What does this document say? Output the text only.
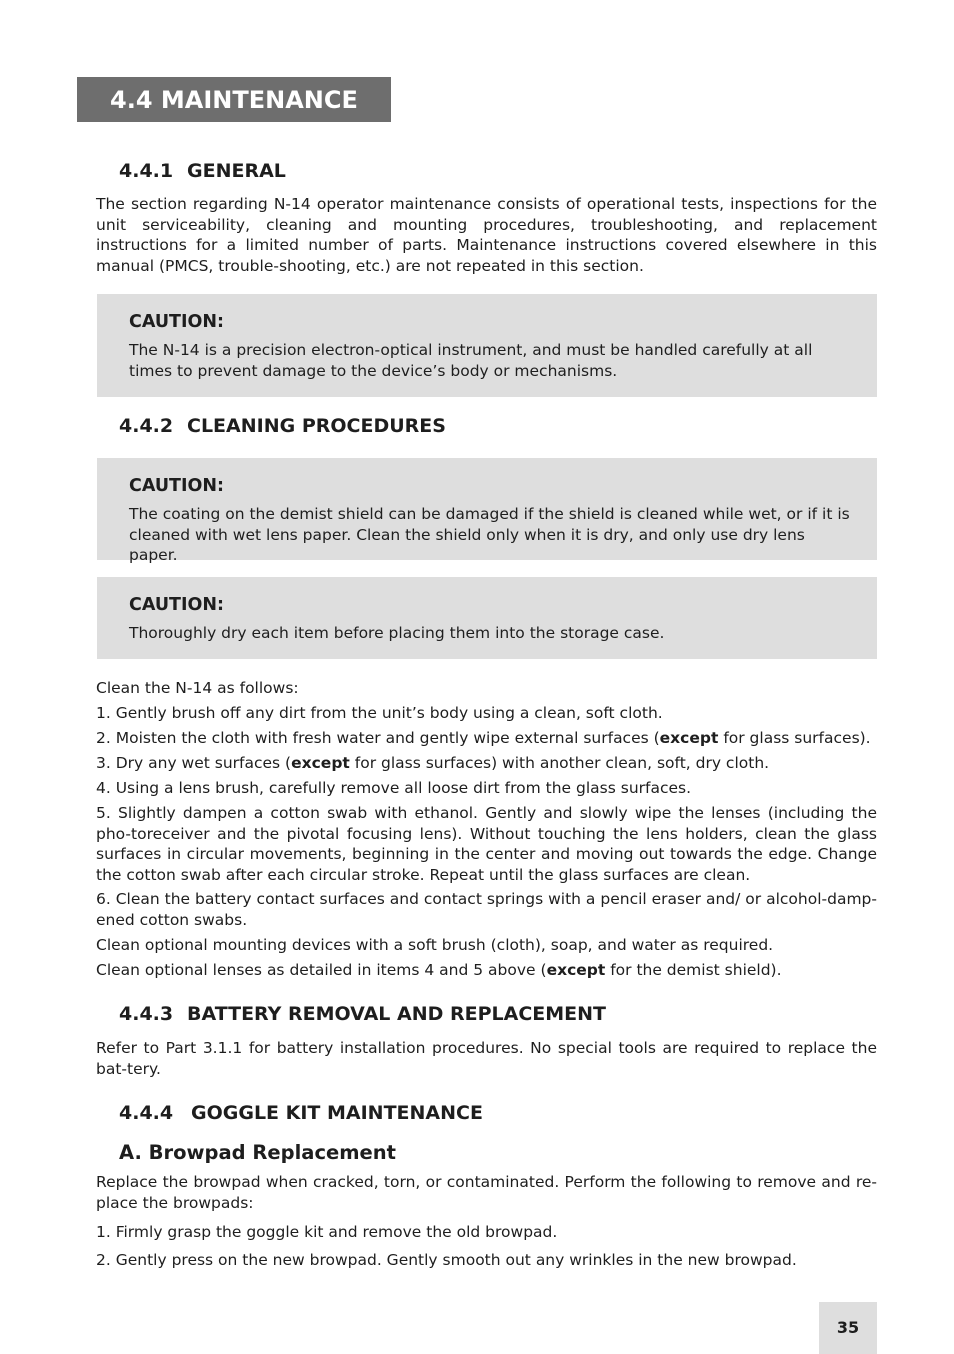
4.4 MAINTENANCE
4.4.1 GENERAL

The section regarding N-14 operator maintenance consists of operational tests, inspections for the unit serviceability, cleaning and mounting procedures, troubleshooting, and replacement instructions for a limited number of parts. Maintenance instructions covered elsewhere in this manual (PMCS, trouble-shooting, etc.) are not repeated in this section.

CAUTION:
The N-14 is a precision electron-optical instrument, and must be handled carefully at all times to prevent damage to the device’s body or mechanisms.
4.4.2 CLEANING PROCEDURES
CAUTION:
The coating on the demist shield can be damaged if the shield is cleaned while wet, or if it is cleaned with wet lens paper. Clean the shield only when it is dry, and only use dry lens paper.
CAUTION:
Thoroughly dry each item before placing them into the storage case.

Clean the N-14 as follows:

1. Gently brush off any dirt from the unit’s body using a clean, soft cloth.

2. Moisten the cloth with fresh water and gently wipe external surfaces (except for glass surfaces).

3. Dry any wet surfaces (except for glass surfaces) with another clean, soft, dry cloth.

4. Using a lens brush, carefully remove all loose dirt from the glass surfaces.

5. Slightly dampen a cotton swab with ethanol. Gently and slowly wipe the lenses (including the pho-toreceiver and the pivotal focusing lens). Without touching the lens holders, clean the glass surfaces in circular movements, beginning in the center and moving out towards the edge. Change the cotton swab after each circular stroke. Repeat until the glass surfaces are clean.

6. Clean the battery contact surfaces and contact springs with a pencil eraser and/ or alcohol-damp-ened cotton swabs.

Clean optional mounting devices with a soft brush (cloth), soap, and water as required.

Clean optional lenses as detailed in items 4 and 5 above (except for the demist shield).

4.4.3 BATTERY REMOVAL AND REPLACEMENT

Refer to Part 3.1.1 for battery installation procedures. No special tools are required to replace the bat-tery.

4.4.4 GOGGLE KIT MAINTENANCE
A. Browpad Replacement

Replace the browpad when cracked, torn, or contaminated. Perform the following to remove and re-place the browpads:

1. Firmly grasp the goggle kit and remove the old browpad.

2. Gently press on the new browpad. Gently smooth out any wrinkles in the new browpad.

35
